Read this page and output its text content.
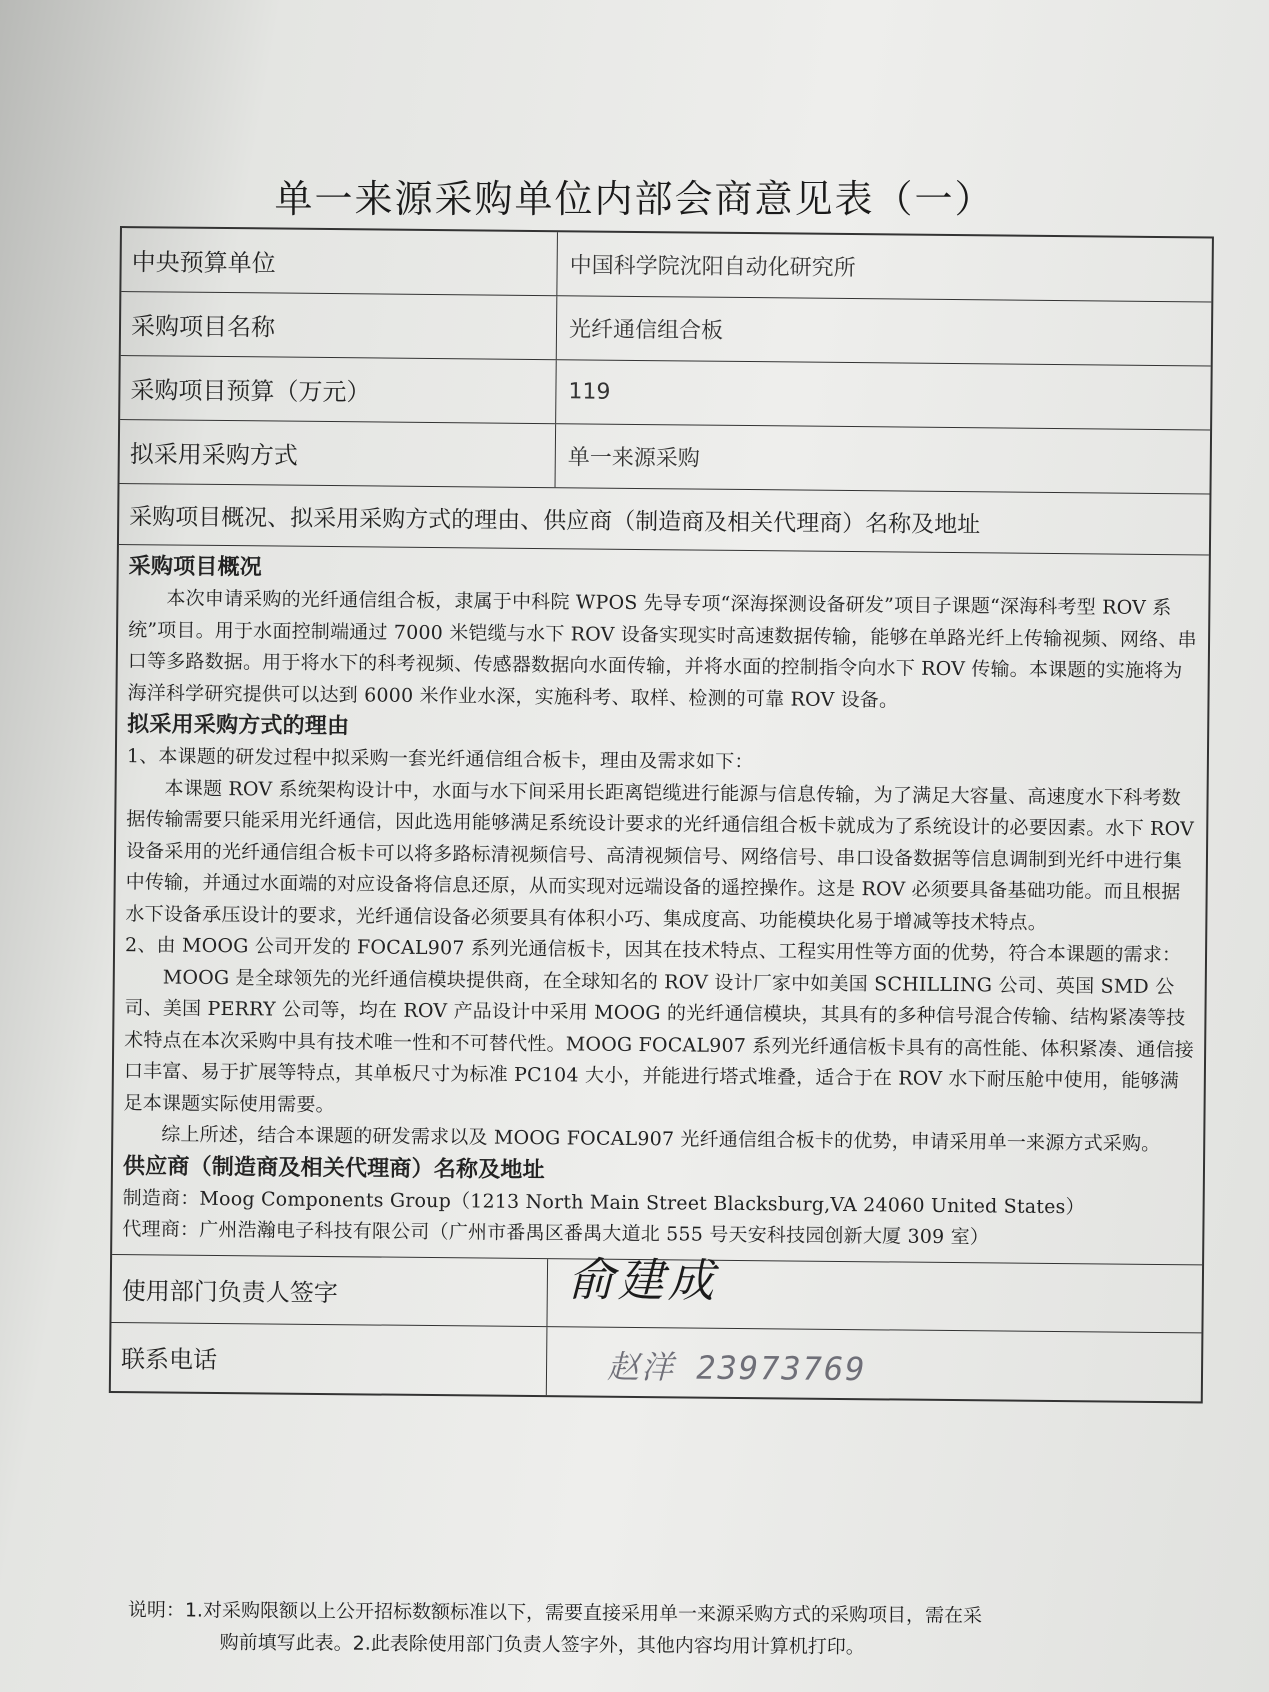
单一来源采购单位内部会商意见表（一）
中央预算单位	中国科学院沈阳自动化研究所
采购项目名称	光纤通信组合板
采购项目预算（万元）	119
拟采用采购方式	单一来源采购
采购项目概况、拟采用采购方式的理由、供应商（制造商及相关代理商）名称及地址
采购项目概况

本次申请采购的光纤通信组合板，隶属于中科院 WPOS 先导专项“深海探测设备研发”项目子课题“深海科考型 ROV 系统”项目。用于水面控制端通过 7000 米铠缆与水下 ROV 设备实现实时高速数据传输，能够在单路光纤上传输视频、网络、串口等多路数据。用于将水下的科考视频、传感器数据向水面传输，并将水面的控制指令向水下 ROV 传输。本课题的实施将为海洋科学研究提供可以达到 6000 米作业水深，实施科考、取样、检测的可靠 ROV 设备。

拟采用采购方式的理由

1、本课题的研发过程中拟采购一套光纤通信组合板卡，理由及需求如下：

本课题 ROV 系统架构设计中，水面与水下间采用长距离铠缆进行能源与信息传输，为了满足大容量、高速度水下科考数据传输需要只能采用光纤通信，因此选用能够满足系统设计要求的光纤通信组合板卡就成为了系统设计的必要因素。水下 ROV 设备采用的光纤通信组合板卡可以将多路标清视频信号、高清视频信号、网络信号、串口设备数据等信息调制到光纤中进行集中传输，并通过水面端的对应设备将信息还原，从而实现对远端设备的遥控操作。这是 ROV 必须要具备基础功能。而且根据水下设备承压设计的要求，光纤通信设备必须要具有体积小巧、集成度高、功能模块化易于增减等技术特点。

2、由 MOOG 公司开发的 FOCAL907 系列光通信板卡，因其在技术特点、工程实用性等方面的优势，符合本课题的需求：

MOOG 是全球领先的光纤通信模块提供商，在全球知名的 ROV 设计厂家中如美国 SCHILLING 公司、英国 SMD 公司、美国 PERRY 公司等，均在 ROV 产品设计中采用 MOOG 的光纤通信模块，其具有的多种信号混合传输、结构紧凑等技术特点在本次采购中具有技术唯一性和不可替代性。MOOG FOCAL907 系列光纤通信板卡具有的高性能、体积紧凑、通信接口丰富、易于扩展等特点，其单板尺寸为标准 PC104 大小，并能进行塔式堆叠，适合于在 ROV 水下耐压舱中使用，能够满足本课题实际使用需要。

综上所述，结合本课题的研发需求以及 MOOG FOCAL907 光纤通信组合板卡的优势，申请采用单一来源方式采购。

供应商（制造商及相关代理商）名称及地址

制造商：Moog Components Group（1213 North Main Street Blacksburg,VA 24060 United States）

代理商：广州浩瀚电子科技有限公司（广州市番禺区番禺大道北 555 号天安科技园创新大厦 309 室）

使用部门负责人签字	俞建成
联系电话	赵洋 23973769
说明：1.对采购限额以上公开招标数额标准以下，需要直接采用单一来源采购方式的采购项目，需在采
购前填写此表。2.此表除使用部门负责人签字外，其他内容均用计算机打印。
